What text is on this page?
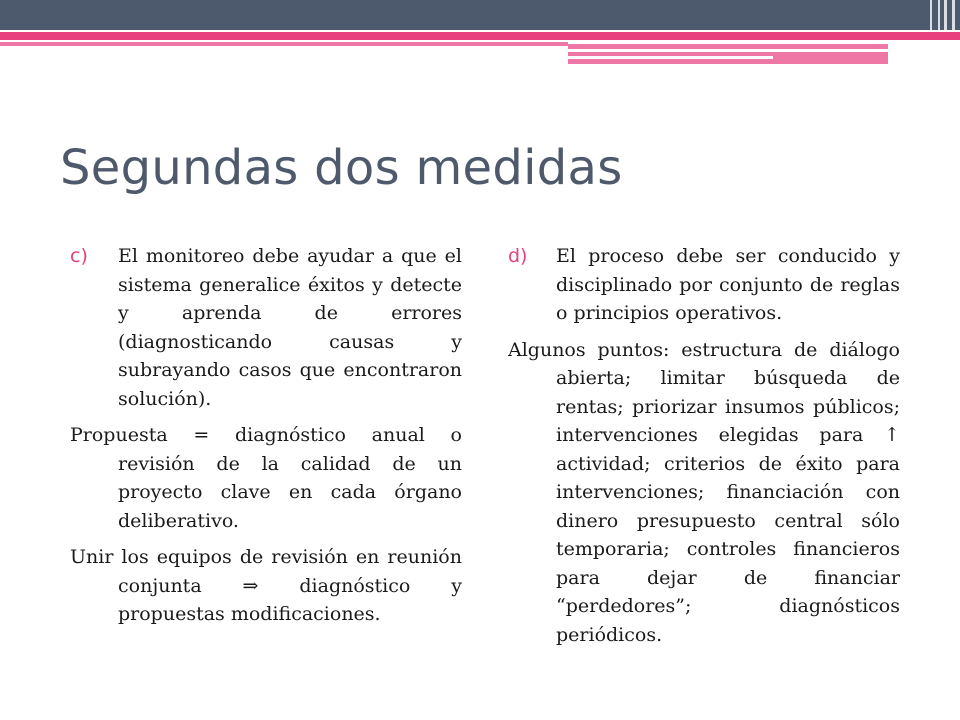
Segundas dos medidas

c) El monitoreo debe ayudar a que el sistema generalice éxitos y detecte y aprenda de errores (diagnosticando causas y subrayando casos que encontraron solución).

Propuesta = diagnóstico anual o revisión de la calidad de un proyecto clave en cada órgano deliberativo.

Unir los equipos de revisión en reunión conjunta ⇒ diagnóstico y propuestas modificaciones.

d) El proceso debe ser conducido y disciplinado por conjunto de reglas o principios operativos.

Algunos puntos: estructura de diálogo abierta; limitar búsqueda de rentas; priorizar insumos públicos; intervenciones elegidas para ↑ actividad; criterios de éxito para intervenciones; financiación con dinero presupuesto central sólo temporaria; controles financieros para dejar de financiar “perdedores”; diagnósticos periódicos.
